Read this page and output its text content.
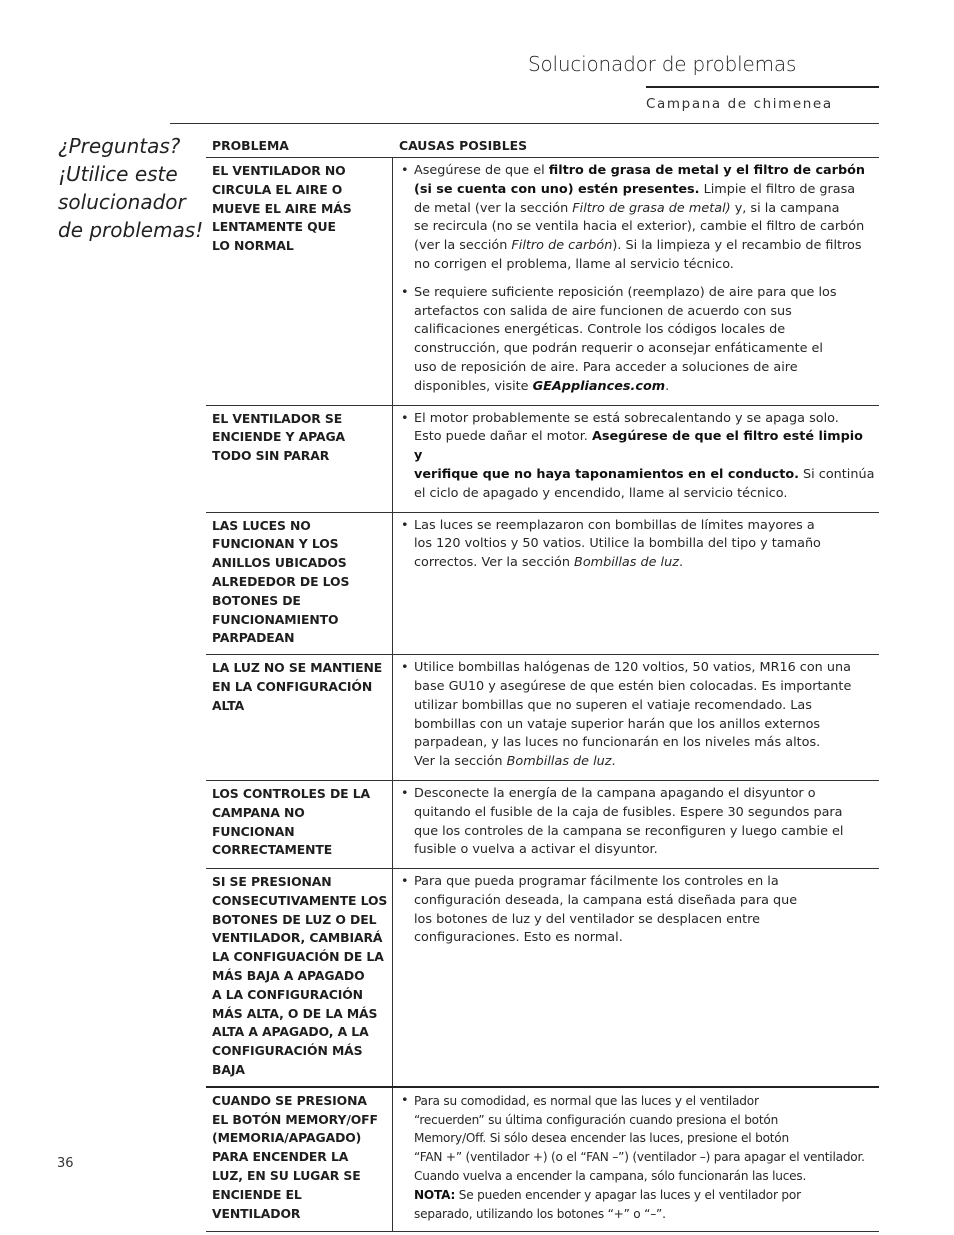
Solucionador de problemas
Campana de chimenea
¿Preguntas?
¡Utilice este
solucionador
de problemas!
PROBLEMA	CAUSAS POSIBLES
EL VENTILADOR NO
CIRCULA EL AIRE O
MUEVE EL AIRE MÁS
LENTAMENTE QUE
LO NORMAL
• Asegúrese de que el filtro de grasa de metal y el filtro de carbón
(si se cuenta con uno) estén presentes. Limpie el filtro de grasa
de metal (ver la sección Filtro de grasa de metal) y, si la campana
se recircula (no se ventila hacia el exterior), cambie el filtro de carbón
(ver la sección Filtro de carbón). Si la limpieza y el recambio de filtros
no corrigen el problema, llame al servicio técnico.
• Se requiere suficiente reposición (reemplazo) de aire para que los
artefactos con salida de aire funcionen de acuerdo con sus
calificaciones energéticas. Controle los códigos locales de
construcción, que podrán requerir o aconsejar enfáticamente el
uso de reposición de aire. Para acceder a soluciones de aire
disponibles, visite GEAppliances.com.
EL VENTILADOR SE
ENCIENDE Y APAGA
TODO SIN PARAR
• El motor probablemente se está sobrecalentando y se apaga solo.
Esto puede dañar el motor. Asegúrese de que el filtro esté limpio y
verifique que no haya taponamientos en el conducto. Si continúa
el ciclo de apagado y encendido, llame al servicio técnico.
LAS LUCES NO
FUNCIONAN Y LOS
ANILLOS UBICADOS
ALREDEDOR DE LOS
BOTONES DE
FUNCIONAMIENTO
PARPADEAN
• Las luces se reemplazaron con bombillas de límites mayores a
los 120 voltios y 50 vatios. Utilice la bombilla del tipo y tamaño
correctos. Ver la sección Bombillas de luz.
LA LUZ NO SE MANTIENE
EN LA CONFIGURACIÓN
ALTA
• Utilice bombillas halógenas de 120 voltios, 50 vatios, MR16 con una
base GU10 y asegúrese de que estén bien colocadas. Es importante
utilizar bombillas que no superen el vatiaje recomendado. Las
bombillas con un vataje superior harán que los anillos externos
parpadean, y las luces no funcionarán en los niveles más altos.
Ver la sección Bombillas de luz.
LOS CONTROLES DE LA
CAMPANA NO FUNCIONAN
CORRECTAMENTE
• Desconecte la energía de la campana apagando el disyuntor o
quitando el fusible de la caja de fusibles. Espere 30 segundos para
que los controles de la campana se reconfiguren y luego cambie el
fusible o vuelva a activar el disyuntor.
SI SE PRESIONAN
CONSECUTIVAMENTE LOS
BOTONES DE LUZ O DEL
VENTILADOR, CAMBIARÁ
LA CONFIGUACIÓN DE LA
MÁS BAJA A APAGADO
A LA CONFIGURACIÓN
MÁS ALTA, O DE LA MÁS
ALTA A APAGADO, A LA
CONFIGURACIÓN MÁS BAJA
• Para que pueda programar fácilmente los controles en la
configuración deseada, la campana está diseñada para que
los botones de luz y del ventilador se desplacen entre
configuraciones. Esto es normal.
CUANDO SE PRESIONA
EL BOTÓN MEMORY/OFF
(MEMORIA/APAGADO)
PARA ENCENDER LA
LUZ, EN SU LUGAR SE
ENCIENDE EL
VENTILADOR
• Para su comodidad, es normal que las luces y el ventilador
“recuerden” su última configuración cuando presiona el botón
Memory/Off. Si sólo desea encender las luces, presione el botón
“FAN +” (ventilador +) (o el “FAN –”) (ventilador –) para apagar el ventilador.
Cuando vuelva a encender la campana, sólo funcionarán las luces.
NOTA: Se pueden encender y apagar las luces y el ventilador por
separado, utilizando los botones “+” o “–”.
36
